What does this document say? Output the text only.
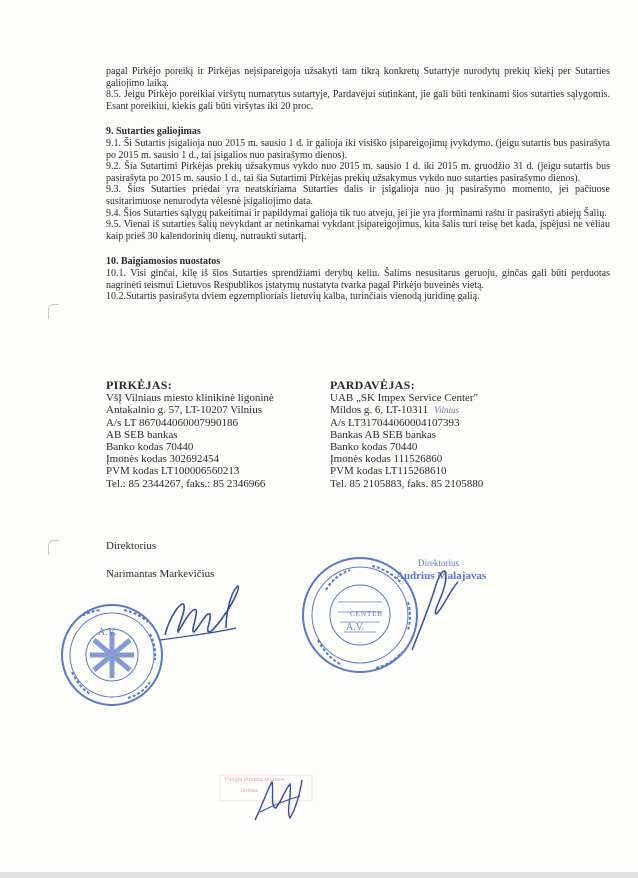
pagal Pirkėjo poreikį ir Pirkėjas neįsipareigoja užsakyti tam tikrą konkretų Sutartyje nurodytų prekių kiekį per Sutarties galiojimo laiką.

8.5. Jeigu Pirkėjo poreikiai viršytų numatytus sutartyje, Pardavėjui sutinkant, jie gali būti tenkinami šios sutarties sąlygomis. Esant poreikiui, kiekis gali būti viršytas iki 20 proc.

9. Sutarties galiojimas

9.1. Ši Sutartis įsigalioja nuo 2015 m. sausio 1 d. ir galioja iki visiško įsipareigojimų įvykdymo. (jeigu sutartis bus pasirašyta po 2015 m. sausio 1 d., tai įsigalios nuo pasirašymo dienos).

9.2. Šia Sutartimi Pirkėjas prekių užsakymus vykdo nuo 2015 m. sausio 1 d. iki 2015 m. gruodžio 31 d. (jeigu sutartis bus pasirašyta po 2015 m. sausio 1 d., tai šia Sutartimi Pirkėjas prekių užsakymus vykdo nuo sutarties pasirašymo dienos).

9.3. Šios Sutarties priedai yra neatskiriama Sutarties dalis ir įsigalioja nuo jų pasirašymo momento, jei pačiuose susitarimuose nenurodyta vėlesnė įsigaliojimo data.

9.4. Šios Sutarties sąlygų pakeitimai ir papildymai galioja tik tuo atveju, jei jie yra įforminami raštu ir pasirašyti abiejų Šalių.

9.5. Vienai iš sutarties šalių nevykdant ar netinkamai vykdant įsipareigojimus, kita šalis turi teisę bet kada, įspėjusi ne vėliau kaip prieš 30 kalendorinių dienų, nutraukti sutartį.

10. Baigiamosios nuostatos

10.1. Visi ginčai, kilę iš šios Sutarties sprendžiami derybų keliu. Šalims nesusitarus geruoju, ginčas gali būti perduotas nagrinėti teismui Lietuvos Respublikos įstatymų nustatyta tvarka pagal Pirkėjo buveinės vietą.

10.2.Sutartis pasirašyta dviem egzemplioriais lietuvių kalba, turinčiais vienodą juridinę galią.

PIRKĖJAS:
VšĮ Vilniaus miesto klinikinė ligoninė
Antakalnio g. 57, LT-10207 Vilnius
A/s LT 867044060007990186
AB SEB bankas
Banko kodas 70440
Įmonės kodas 302692454
PVM kodas LT100006560213
Tel.: 85 2344267, faks.: 85 2346966
PARDAVĖJAS:
UAB „SK Impex Service Center"
Mildos g. 6, LT-10311 Vilnius
A/s LT317044060004107393
Bankas AB SEB bankas
Banko kodas 70440
Įmonės kodas 111526860
PVM kodas LT115268610
Tel. 85 2105883, faks. 85 2105880
Direktorius
Narimantas Markevičius
Direktorius
Audrius Malajavas
A.V.	A.V.
CENTER
Viešųjų pirkimų skyriaus
Juristas
